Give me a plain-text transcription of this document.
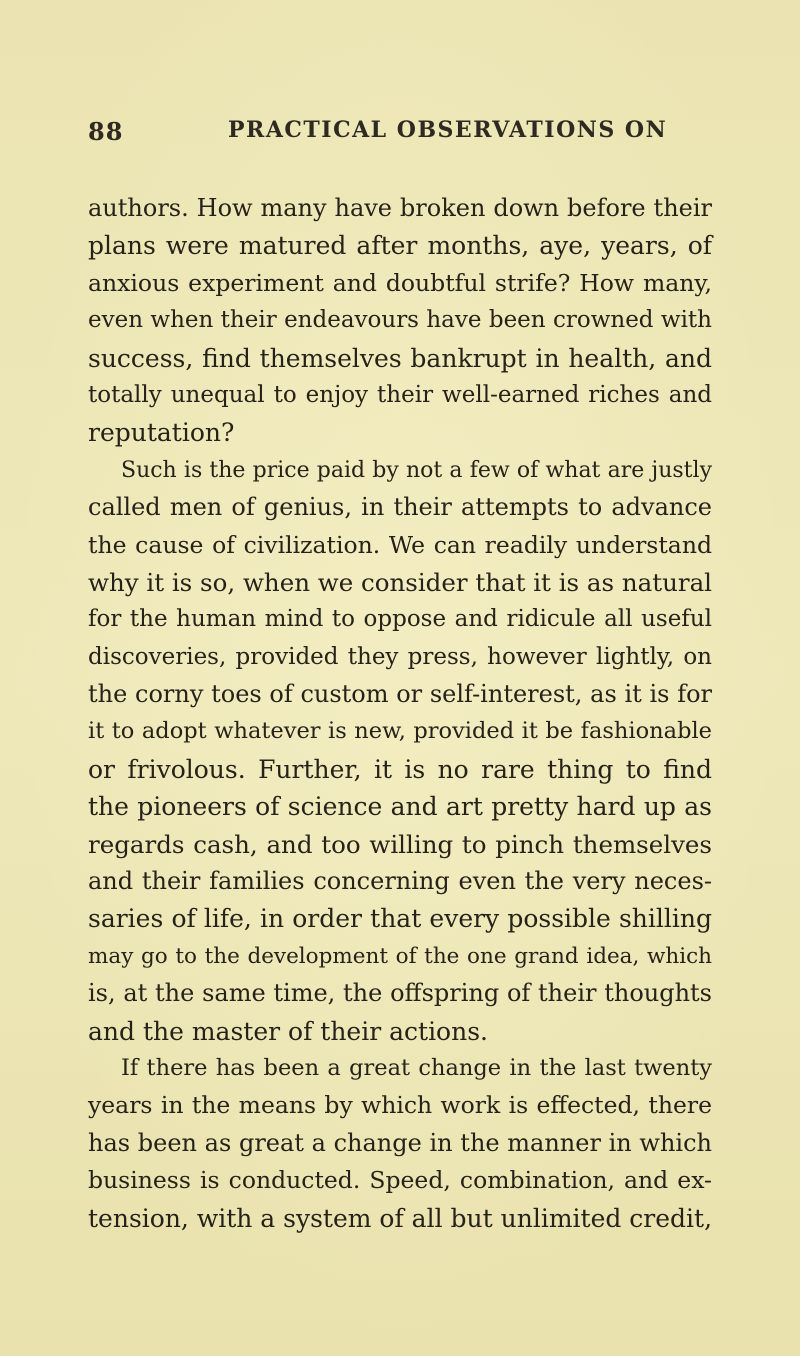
88	PRACTICAL OBSERVATIONS ON
authors. How many have broken down before their
plans were matured after months, aye, years, of
anxious experiment and doubtful strife? How many,
even when their endeavours have been crowned with
success, find themselves bankrupt in health, and
totally unequal to enjoy their well-earned riches and
reputation?
Such is the price paid by not a few of what are justly
called men of genius, in their attempts to advance
the cause of civilization. We can readily understand
why it is so, when we consider that it is as natural
for the human mind to oppose and ridicule all useful
discoveries, provided they press, however lightly, on
the corny toes of custom or self-interest, as it is for
it to adopt whatever is new, provided it be fashionable
or frivolous. Further, it is no rare thing to find
the pioneers of science and art pretty hard up as
regards cash, and too willing to pinch themselves
and their families concerning even the very neces-
saries of life, in order that every possible shilling
may go to the development of the one grand idea, which
is, at the same time, the offspring of their thoughts
and the master of their actions.
If there has been a great change in the last twenty
years in the means by which work is effected, there
has been as great a change in the manner in which
business is conducted. Speed, combination, and ex-
tension, with a system of all but unlimited credit,
